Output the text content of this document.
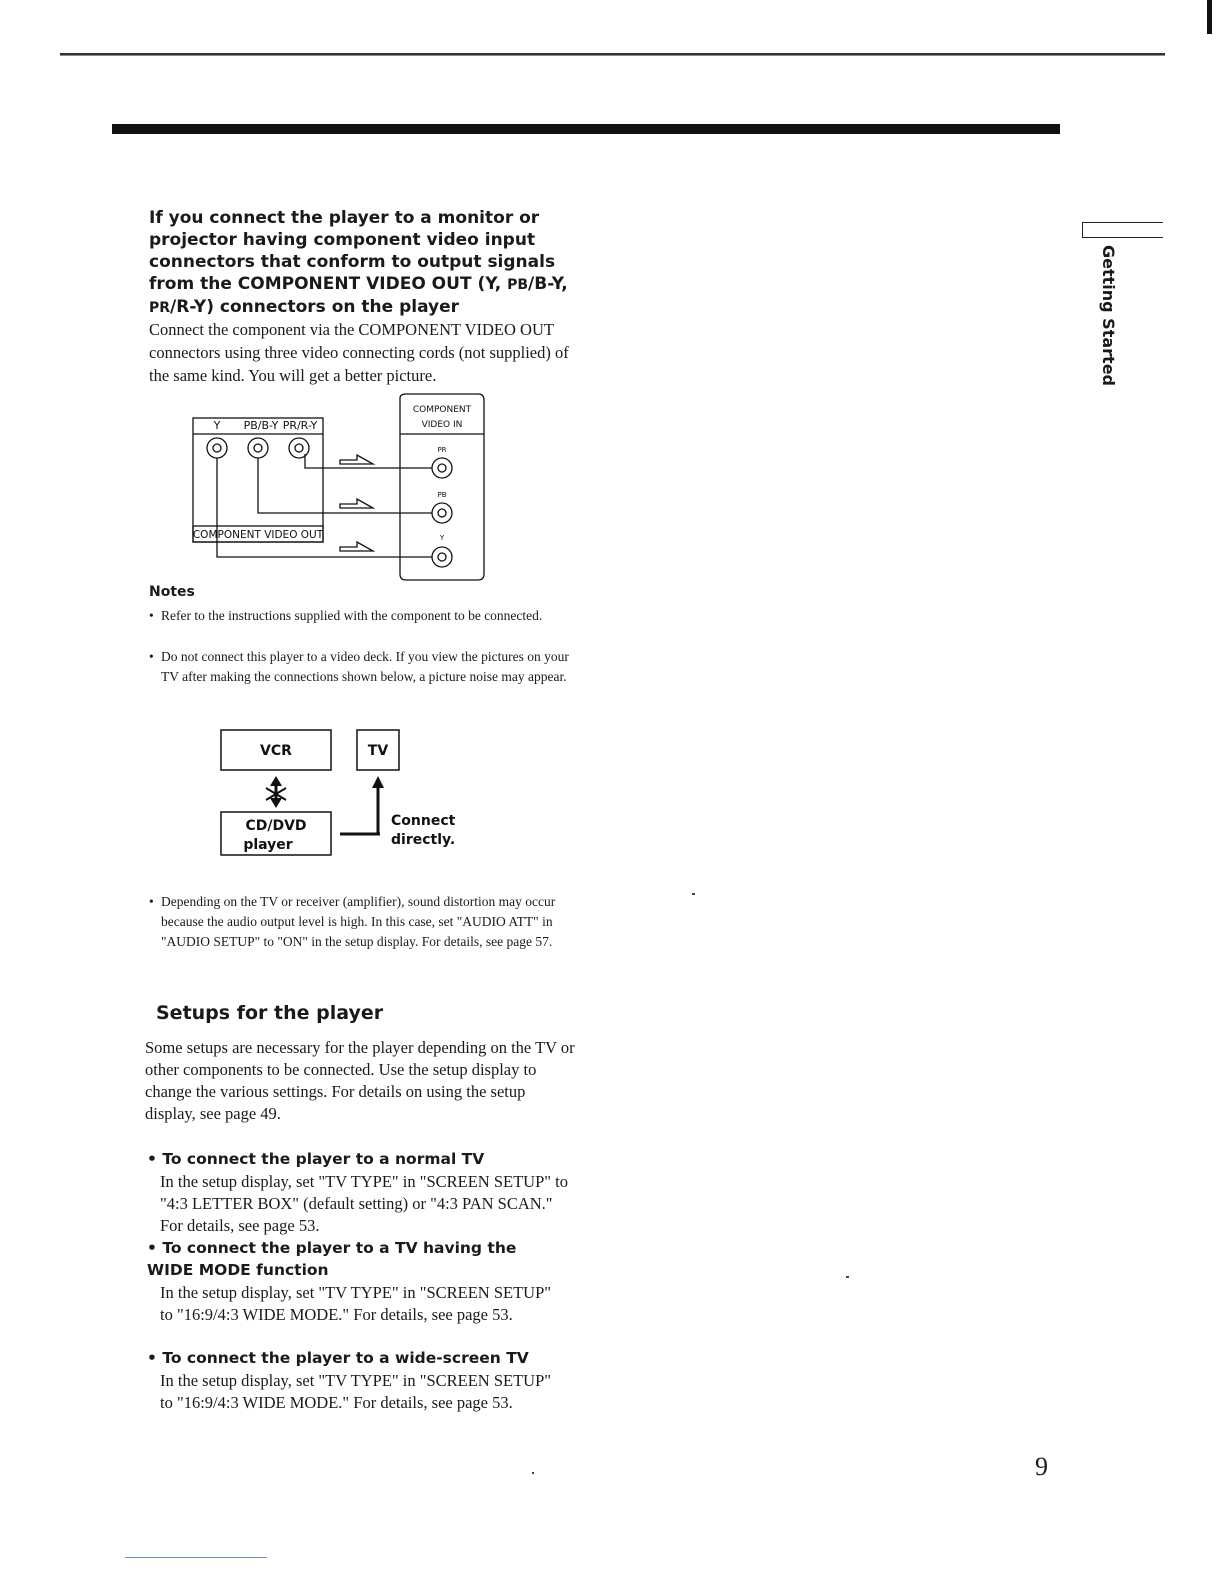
If you connect the player to a monitor or projector having component video input connectors that conform to output signals from the COMPONENT VIDEO OUT (Y, PB/B-Y, PR/R-Y) connectors on the player
Connect the component via the COMPONENT VIDEO OUT connectors using three video connecting cords (not supplied) of the same kind. You will get a better picture.
Y PB/B-Y PR/R-Y
COMPONENT VIDEO OUT
COMPONENT
VIDEO IN
PR
PB
Y
Notes
• Refer to the instructions supplied with the component to be connected.
• Do not connect this player to a video deck. If you view the pictures on your TV after making the connections shown below, a picture noise may appear.
VCR	TV
CD/DVD
player
Connect
directly.
• Depending on the TV or receiver (amplifier), sound distortion may occur because the audio output level is high. In this case, set "AUDIO ATT" in "AUDIO SETUP" to "ON" in the setup display. For details, see page 57.
Setups for the player
Some setups are necessary for the player depending on the TV or other components to be connected. Use the setup display to change the various settings. For details on using the setup display, see page 49.
• To connect the player to a normal TV
In the setup display, set "TV TYPE" in "SCREEN SETUP" to "4:3 LETTER BOX" (default setting) or "4:3 PAN SCAN." For details, see page 53.
• To connect the player to a TV having the WIDE MODE function
In the setup display, set "TV TYPE" in "SCREEN SETUP" to "16:9/4:3 WIDE MODE." For details, see page 53.
• To connect the player to a wide-screen TV
In the setup display, set "TV TYPE" in "SCREEN SETUP" to "16:9/4:3 WIDE MODE." For details, see page 53.
Getting Started
9
